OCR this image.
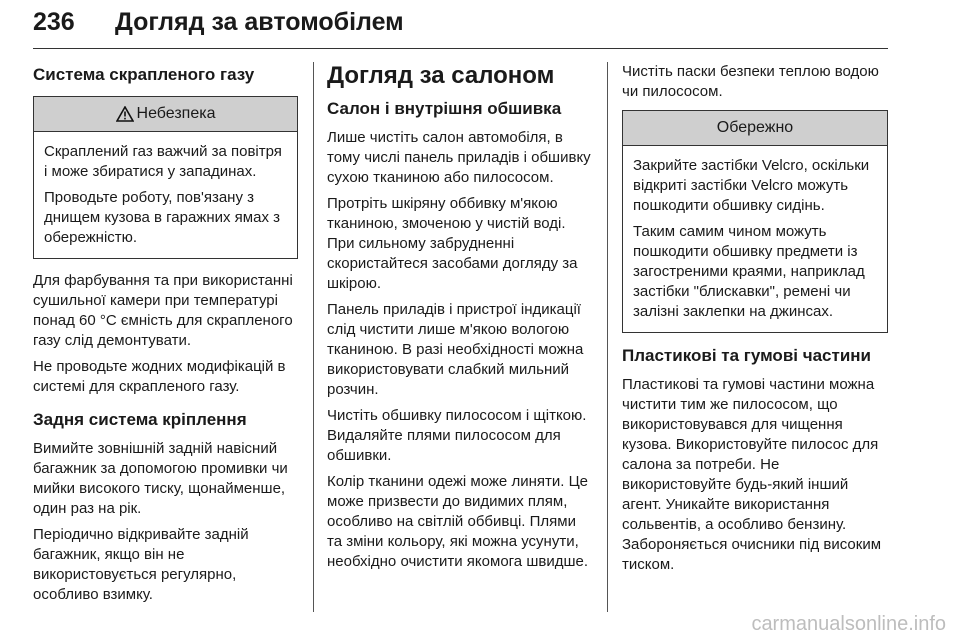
236 Догляд за автомобілем
Система скрапленого газу
Небезпека

Скраплений газ важчий за повітря і може збиратися у западинах.

Проводьте роботу, пов'язану з днищем кузова в гаражних ямах з обережністю.

Для фарбування та при використанні сушильної камери при температурі понад 60 °C ємність для скрапленого газу слід демонтувати.

Не проводьте жодних модифікацій в системі для скрапленого газу.

Задня система кріплення

Вимийте зовнішній задній навісний багажник за допомогою промивки чи мийки високого тиску, щонайменше, один раз на рік.

Періодично відкривайте задній багажник, якщо він не використовується регулярно, особливо взимку.

Догляд за салоном
Салон і внутрішня обшивка

Лише чистіть салон автомобіля, в тому числі панель приладів і обшивку сухою тканиною або пилососом.

Протріть шкіряну оббивку м'якою тканиною, змоченою у чистій воді. При сильному забрудненні скористайтеся засобами догляду за шкірою.

Панель приладів і пристрої індикації слід чистити лише м'якою вологою тканиною. В разі необхідності можна використовувати слабкий мильний розчин.

Чистіть обшивку пилососом і щіткою. Видаляйте плями пилососом для обшивки.

Колір тканини одежі може линяти. Це може призвести до видимих плям, особливо на світлій оббивці. Плями та зміни кольору, які можна усунути, необхідно очистити якомога швидше.

Чистіть паски безпеки теплою водою чи пилососом.

Обережно

Закрийте застібки Velcro, оскільки відкриті застібки Velcro можуть пошкодити обшивку сидінь.

Таким самим чином можуть пошкодити обшивку предмети із загостреними краями, наприклад застібки "блискавки", ремені чи залізні заклепки на джинсах.

Пластикові та гумові частини

Пластикові та гумові частини можна чистити тим же пилососом, що використовувався для чищення кузова. Використовуйте пилосос для салона за потреби. Не використовуйте будь-який інший агент. Уникайте використання сольвентів, а особливо бензину. Забороняється очисники під високим тиском.

carmanualsonline.info
